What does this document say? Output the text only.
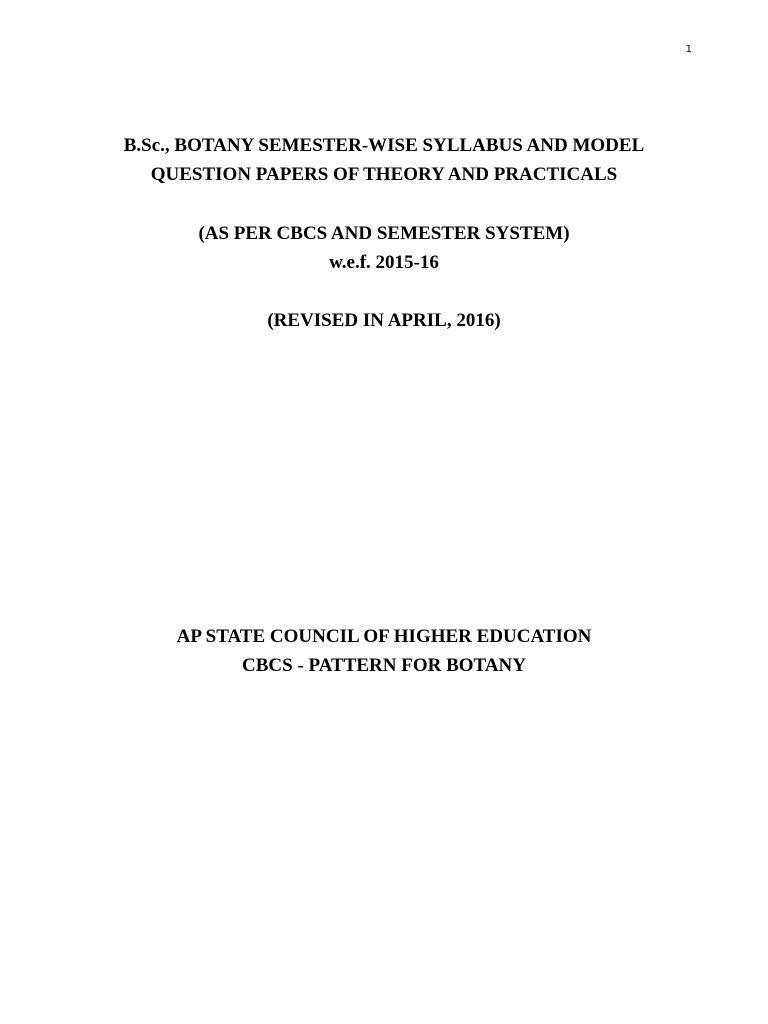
1
B.Sc., BOTANY SEMESTER-WISE SYLLABUS AND MODEL
QUESTION PAPERS OF THEORY AND PRACTICALS
(AS PER CBCS AND SEMESTER SYSTEM)
w.e.f. 2015-16
(REVISED IN APRIL, 2016)
AP STATE COUNCIL OF HIGHER EDUCATION
CBCS - PATTERN FOR BOTANY
